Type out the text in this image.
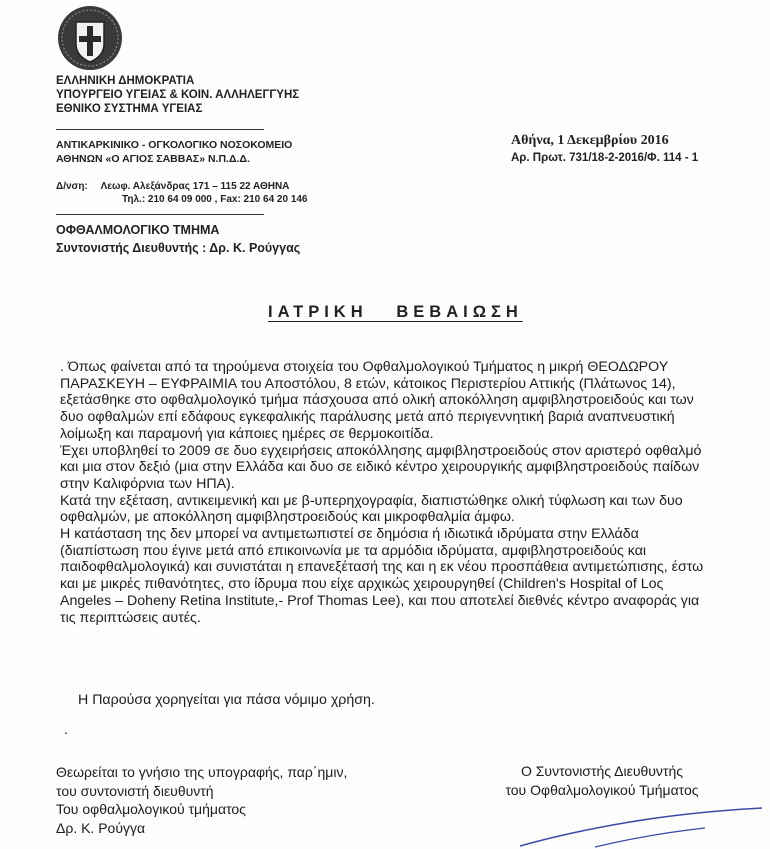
ΕΛΛΗΝΙΚΗ ΔΗΜΟΚΡΑΤΙΑ
ΥΠΟΥΡΓΕΙΟ ΥΓΕΙΑΣ & ΚΟΙΝ. ΑΛΛΗΛΕΓΓΥΗΣ
ΕΘΝΙΚΟ ΣΥΣΤΗΜΑ ΥΓΕΙΑΣ
ΑΝΤΙΚΑΡΚΙΝΙΚΟ - ΟΓΚΟΛΟΓΙΚΟ ΝΟΣΟΚΟΜΕΙΟ
ΑΘΗΝΩΝ «Ο ΑΓΙΟΣ ΣΑΒΒΑΣ» Ν.Π.Δ.Δ.
Δ/νση: Λεωφ. Αλεξάνδρας 171 – 115 22 ΑΘΗΝΑ
Τηλ.: 210 64 09 000 , Fax: 210 64 20 146
ΟΦΘΑΛΜΟΛΟΓΙΚΟ ΤΜΗΜΑ
Συντονιστής Διευθυντής : Δρ. Κ. Ρούγγας
Αθήνα, 1 Δεκεμβρίου 2016
Αρ. Πρωτ. 731/18-2-2016/Φ. 114 - 1
ΙΑΤΡΙΚΗ   ΒΕΒΑΙΩΣΗ

. Όπως φαίνεται από τα τηρούμενα στοιχεία του Οφθαλμολογικού Τμήματος η μικρή ΘΕΟΔΩΡΟΥ

ΠΑΡΑΣΚΕΥΗ – ΕΥΦΡΑΙΜΙΑ του Αποστόλου, 8 ετών, κάτοικος Περιστερίου Αττικής (Πλάτωνος 14),

εξετάσθηκε στο οφθαλμολογικό τμήμα πάσχουσα από ολική αποκόλληση αμφιβληστροειδούς και των

δυο οφθαλμών επί εδάφους εγκεφαλικής παράλυσης μετά από περιγεννητική βαριά αναπνευστική

λοίμωξη και παραμονή για κάποιες ημέρες σε θερμοκοιτίδα.

Έχει υποβληθεί το 2009 σε δυο εγχειρήσεις αποκόλλησης αμφιβληστροειδούς στον αριστερό οφθαλμό

και μια στον δεξιό (μια στην Ελλάδα και δυο σε ειδικό κέντρο χειρουργικής αμφιβληστροειδούς παίδων

στην Καλιφόρνια των ΗΠΑ).

Κατά την εξέταση, αντικειμενική και με β-υπερηχογραφία, διαπιστώθηκε ολική τύφλωση και των δυο

οφθαλμών, με αποκόλληση αμφιβληστροειδούς και μικροφθαλμία άμφω.

Η κατάσταση της δεν μπορεί να αντιμετωπιστεί σε δημόσια ή ιδιωτικά ιδρύματα στην Ελλάδα

(διαπίστωση που έγινε μετά από επικοινωνία με τα αρμόδια ιδρύματα, αμφιβληστροειδούς και

παιδοφθαλμολογικά) και συνιστάται η επανεξέτασή της και η εκ νέου προσπάθεια αντιμετώπισης, έστω

και με μικρές πιθανότητες, στο ίδρυμα που είχε αρχικώς χειρουργηθεί (Children's Hospital of Loς

Angeles – Doheny Retina Institute,- Prof Thomas Lee), και που αποτελεί διεθνές κέντρο αναφοράς για

τις περιπτώσεις αυτές.

Η Παρούσα χορηγείται για πάσα νόμιμο χρήση.
.

Θεωρείται το γνήσιο της υπογραφής, παρ΄ημιν,

του συντονιστή διευθυντή

Του οφθαλμολογικού τμήματος

Δρ. Κ. Ρούγγα

Ο Συντονιστής Διευθυντής

του Οφθαλμολογικού Τμήματος
